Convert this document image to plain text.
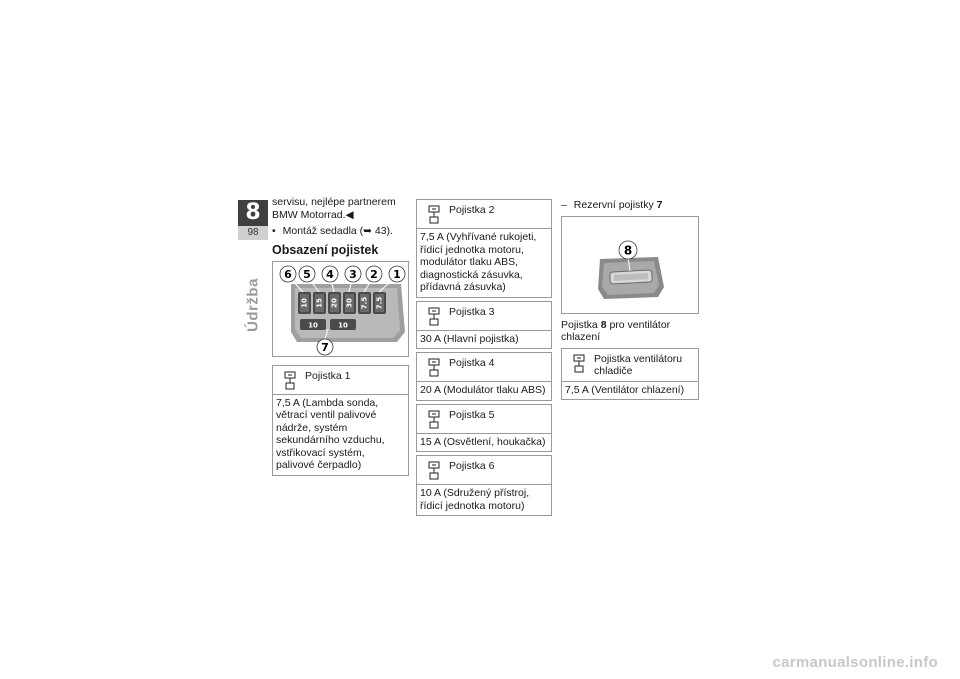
8
98
Údržba
servisu, nejlépe partnerem BMW Motorrad.◀
• Montáž sedadla (➥ 43).
Obsazení pojistek
10 15 20 30 7.5 7.5
10	10
6 5 4 3 2 1
7
Pojistka 1
7,5 A (Lambda sonda, větrací ventil palivové nádrže, systém sekundárního vzduchu, vstřikovací systém, palivové čerpadlo)
Pojistka 2
7,5 A (Vyhřívané rukojeti, řídicí jednotka motoru, modulátor tlaku ABS, diagnostická zásuvka, přídavná zásuvka)
Pojistka 3
30 A (Hlavní pojistka)
Pojistka 4
20 A (Modulátor tlaku ABS)
Pojistka 5
15 A (Osvětlení, houkačka)
Pojistka 6
10 A (Sdružený přístroj, řídicí jednotka motoru)
– Rezervní pojistky 7
8
Pojistka 8 pro ventilátor chlazení
Pojistka ventilátoru chladiče
7,5 A (Ventilátor chlazení)
carmanualsonline.info
